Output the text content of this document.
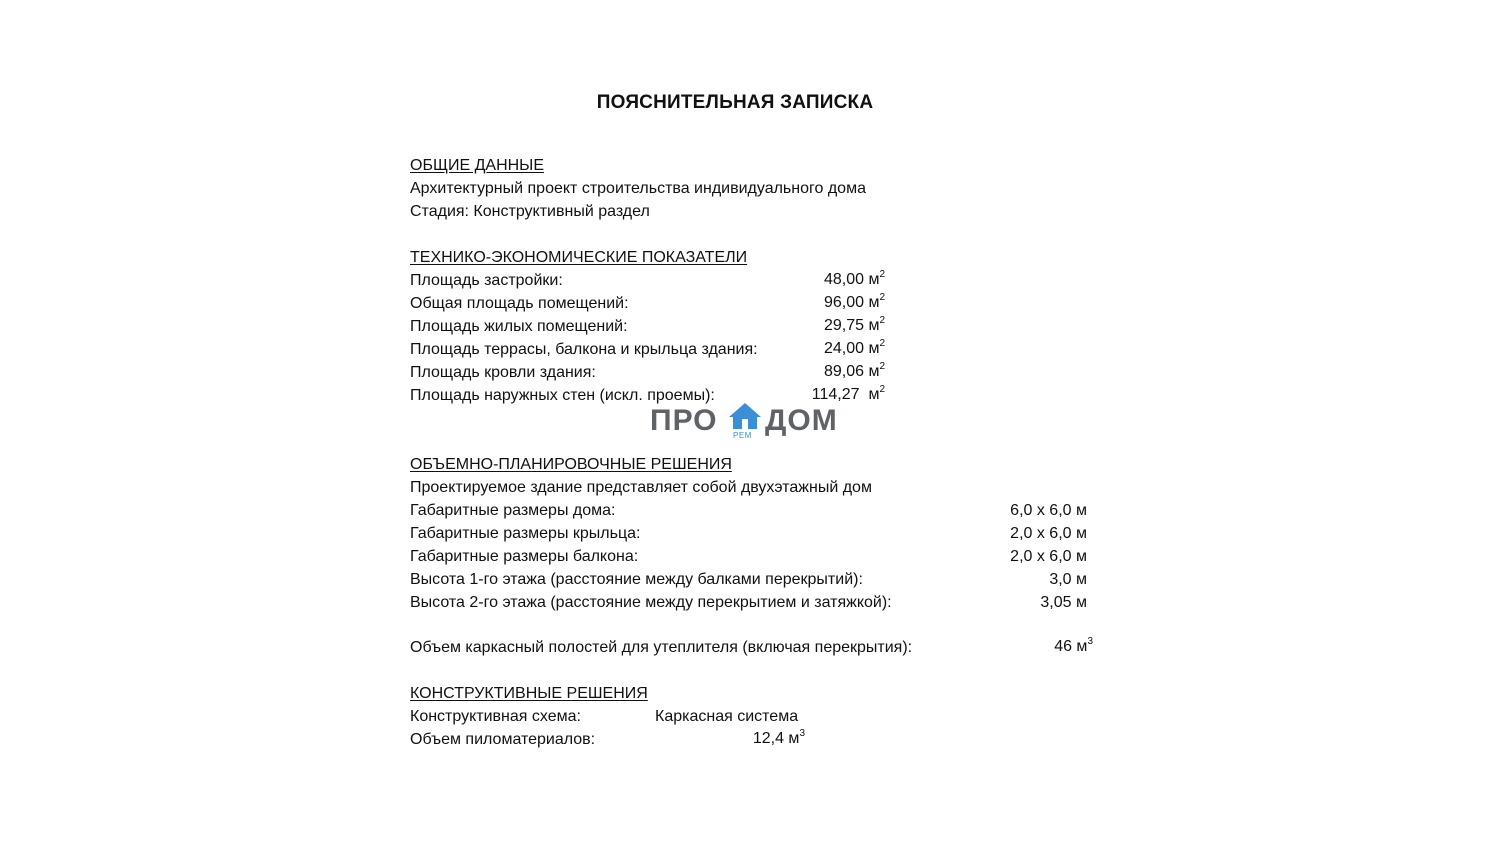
ПОЯСНИТЕЛЬНАЯ ЗАПИСКА
ОБЩИЕ ДАННЫЕ
Архитектурный проект строительства индивидуального дома
Стадия: Конструктивный раздел
ТЕХНИКО-ЭКОНОМИЧЕСКИЕ ПОКАЗАТЕЛИ
Площадь застройки:	48,00 $м^2$
Общая площадь помещений:	96,00 $м^2$
Площадь жилых помещений:	29,75 $м^2$
Площадь террасы, балкона и крыльца здания:	24,00 $м^2$
Площадь кровли здания:	89,06 $м^2$
Площадь наружных стен (искл. проемы):	114,27  $м^2$
ПРО РЕМ ДОМ
ОБЪЕМНО-ПЛАНИРОВОЧНЫЕ РЕШЕНИЯ
Проектируемое здание представляет собой двухэтажный дом
Габаритные размеры дома:	6,0 х 6,0 м
Габаритные размеры крыльца:	2,0 х 6,0 м
Габаритные размеры балкона:	2,0 х 6,0 м
Высота 1-го этажа (расстояние между балками перекрытий):	3,0 м
Высота 2-го этажа (расстояние между перекрытием и затяжкой):	3,05 м
Объем каркасный полостей для утеплителя (включая перекрытия):	46 $м^3$
КОНСТРУКТИВНЫЕ РЕШЕНИЯ
Конструктивная схема:	Каркасная система
Объем пиломатериалов:	12,4 $м^3$
